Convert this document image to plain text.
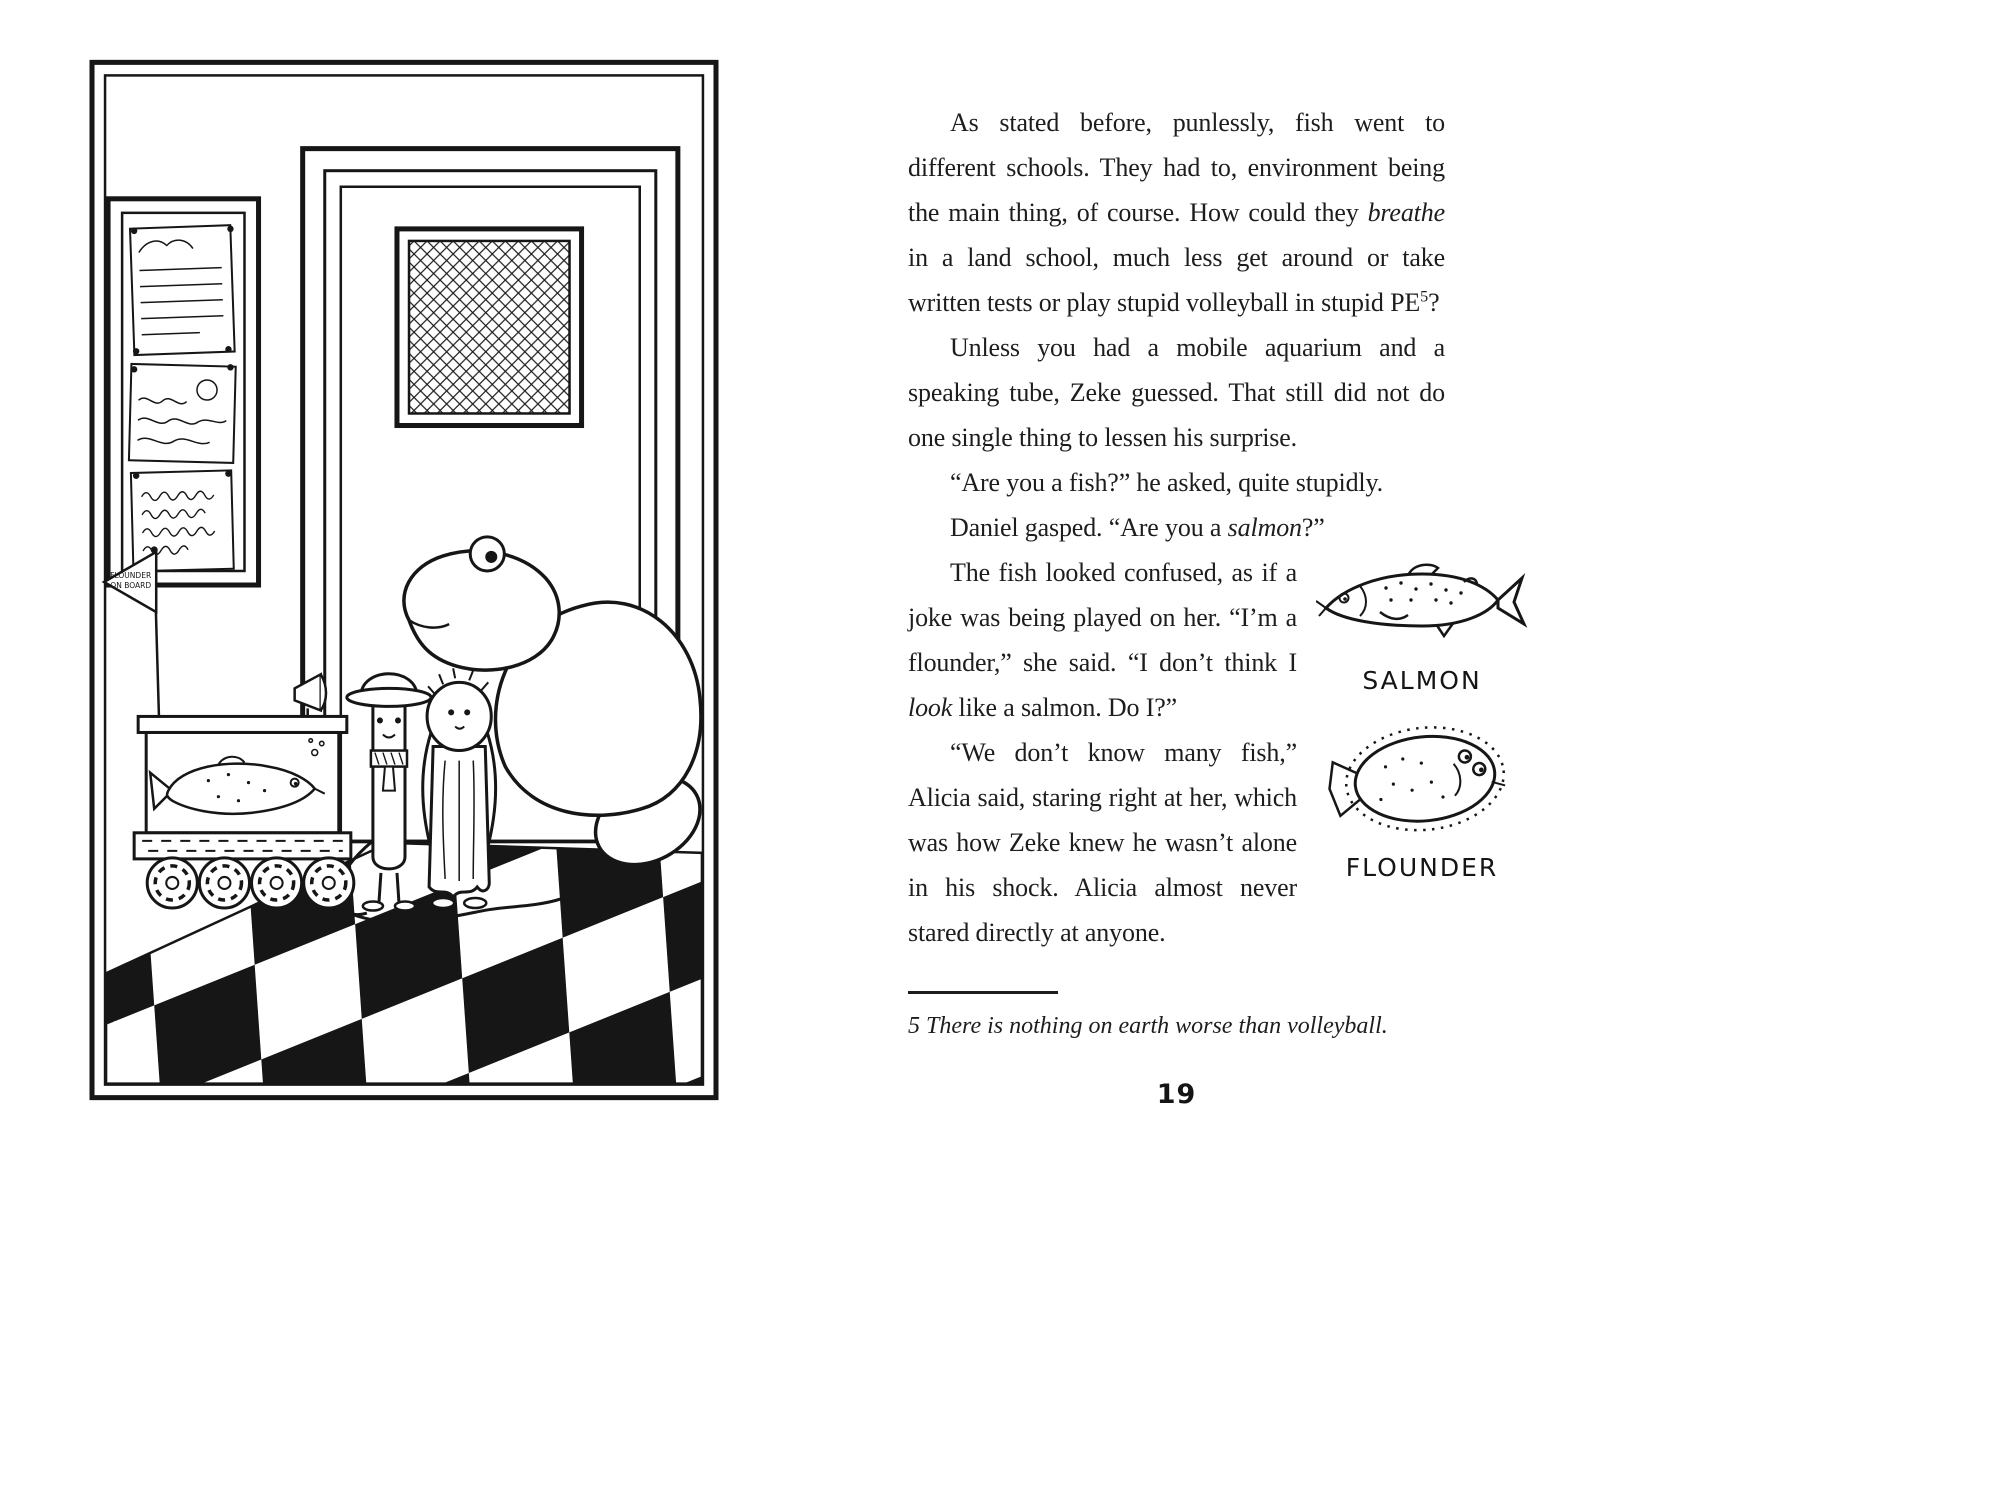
FLOUNDER
ON BOARD

As stated before, punlessly, fish went to different schools. They had to, environment being the main thing, of course. How could they breathe in a land school, much less get around or take written tests or play stupid volleyball in stupid $PE^5$?

Unless you had a mobile aquarium and a speaking tube, Zeke guessed. That still did not do one single thing to lessen his surprise.

“Are you a fish?” he asked, quite stupidly.

Daniel gasped. “Are you a salmon?”

SALMON
FLOUNDER

The fish looked confused, as if a joke was being played on her. “I’m a flounder,” she said. “I don’t think I look like a salmon. Do I?”

“We don’t know many fish,” Alicia said, staring right at her, which was how Zeke knew he wasn’t alone in his shock. Alicia almost never stared directly at anyone.

5 There is nothing on earth worse than volleyball.

19
